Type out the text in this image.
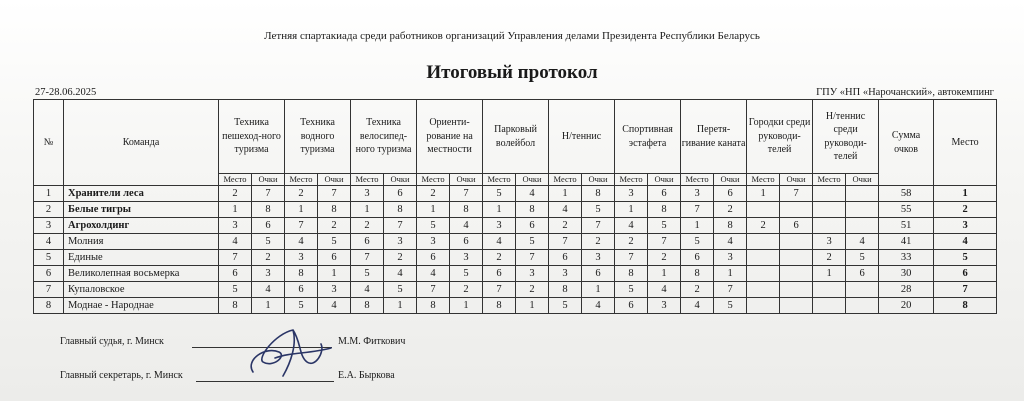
Летняя спартакиада среди работников организаций Управления делами Президента Республики Беларусь
Итоговый протокол
27-28.06.2025	ГПУ «НП «Нарочанский», автокемпинг
№	Команда	Техника пешеход-ного туризма		Техника водного туризма		Техника велосипед-ного туризма		Ориенти-рование на местности		Парковый волейбол		Н/теннис		Спортивная эстафета		Перетя-гивание каната		Городки среди руководи-телей		Н/теннис среди руководи-телей		Сумма очков	Место
		Место	Очки	Место	Очки	Место	Очки	Место	Очки	Место	Очки	Место	Очки	Место	Очки	Место	Очки	Место	Очки	Место	Очки		
1	Хранители леса	2	7	2	7	3	6	2	7	5	4	1	8	3	6	3	6	1	7			58	1
2	Белые тигры	1	8	1	8	1	8	1	8	1	8	4	5	1	8	7	2					55	2
3	Агрохолдинг	3	6	7	2	2	7	5	4	3	6	2	7	4	5	1	8	2	6			51	3
4	Молния	4	5	4	5	6	3	3	6	4	5	7	2	2	7	5	4			3	4	41	4
5	Единые	7	2	3	6	7	2	6	3	2	7	6	3	7	2	6	3			2	5	33	5
6	Великолепная восьмерка	6	3	8	1	5	4	4	5	6	3	3	6	8	1	8	1			1	6	30	6
7	Купаловское	5	4	6	3	4	5	7	2	7	2	8	1	5	4	2	7					28	7
8	Моднае - Народнае	8	1	5	4	8	1	8	1	8	1	5	4	6	3	4	5					20	8
Главный судья, г. Минск	М.М. Фиткович
Главный секретарь, г. Минск	Е.А. Быркова
